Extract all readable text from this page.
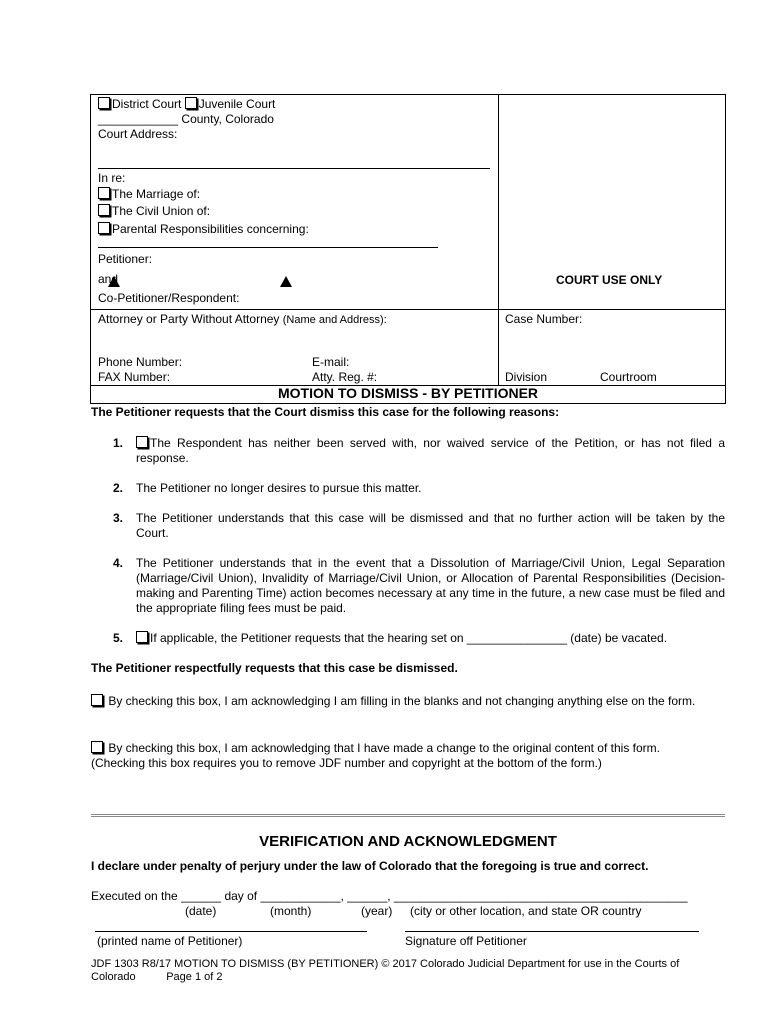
District Court Juvenile Court
____________ County, Colorado
Court Address:
In re:
The Marriage of:
The Civil Union of:
Parental Responsibilities concerning:
Petitioner:
and
Co-Petitioner/Respondent:
COURT USE ONLY
Attorney or Party Without Attorney (Name and Address):	Case Number:
Phone Number:	E-mail:
FAX Number:	Atty. Reg. #:	Division	Courtroom
MOTION TO DISMISS - BY PETITIONER
The Petitioner requests that the Court dismiss this case for the following reasons:
1.	The Respondent has neither been served with, nor waived service of the Petition, or has not filed a response.
2. The Petitioner no longer desires to pursue this matter.
3. The Petitioner understands that this case will be dismissed and that no further action will be taken by the Court.
4. The Petitioner understands that in the event that a Dissolution of Marriage/Civil Union, Legal Separation (Marriage/Civil Union), Invalidity of Marriage/Civil Union, or Allocation of Parental Responsibilities (Decision-making and Parenting Time) action becomes necessary at any time in the future, a new case must be filed and the appropriate filing fees must be paid.
5.	If applicable, the Petitioner requests that the hearing set on _______________ (date) be vacated.
The Petitioner respectfully requests that this case be dismissed.
By checking this box, I am acknowledging I am filling in the blanks and not changing anything else on the form.
By checking this box, I am acknowledging that I have made a change to the original content of this form. (Checking this box requires you to remove JDF number and copyright at the bottom of the form.)
VERIFICATION AND ACKNOWLEDGMENT
I declare under penalty of perjury under the law of Colorado that the foregoing is true and correct.
Executed on the ______ day of ____________, ______, ____________________________________________
(date)	(month)	(year) (city or other location, and state OR country
(printed name of Petitioner)	Signature off Petitioner
JDF 1303 R8/17 MOTION TO DISMISS (BY PETITIONER) © 2017 Colorado Judicial Department for use in the Courts of
Colorado          Page 1 of 2
